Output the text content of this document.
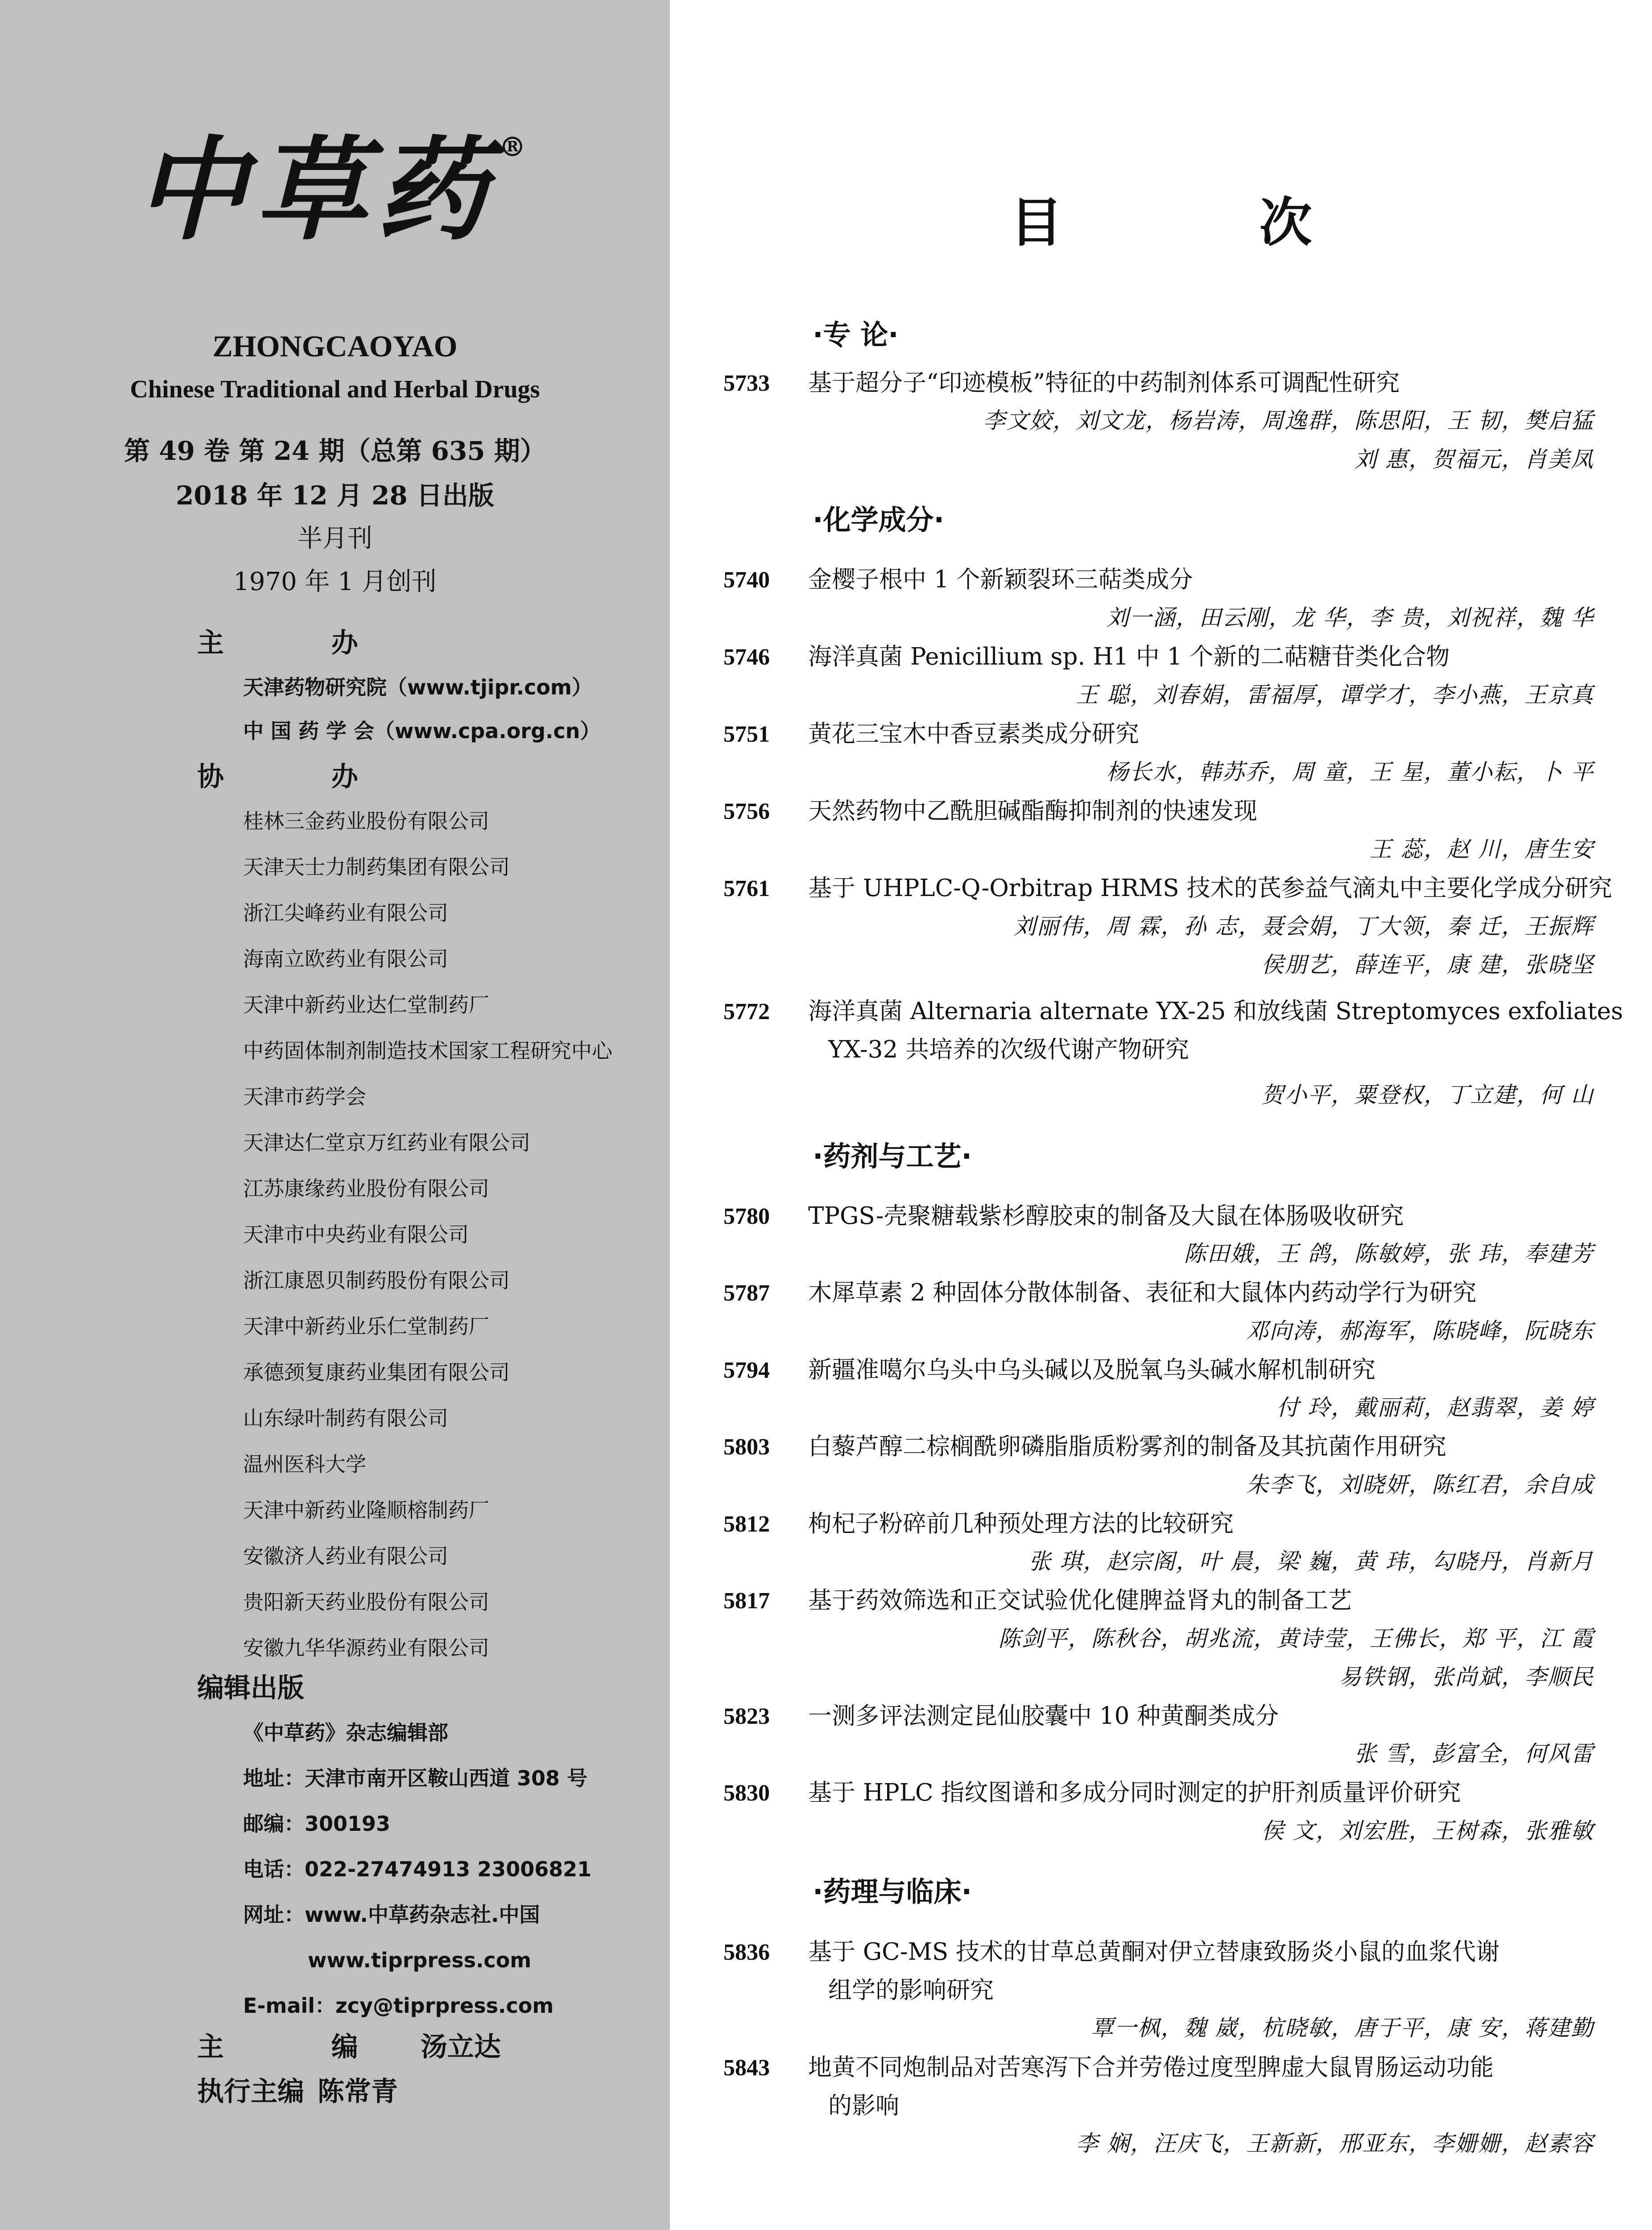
中草药 ®
ZHONGCAOYAO
Chinese Traditional and Herbal Drugs
第 49 卷 第 24 期（总第 635 期）
2018 年 12 月 28 日出版
半月刊
1970 年 1 月创刊
主 办
天津药物研究院（www.tjipr.com）
中 国 药 学 会（www.cpa.org.cn）
协 办
桂林三金药业股份有限公司
天津天士力制药集团有限公司
浙江尖峰药业有限公司
海南立欧药业有限公司
天津中新药业达仁堂制药厂
中药固体制剂制造技术国家工程研究中心
天津市药学会
天津达仁堂京万红药业有限公司
江苏康缘药业股份有限公司
天津市中央药业有限公司
浙江康恩贝制药股份有限公司
天津中新药业乐仁堂制药厂
承德颈复康药业集团有限公司
山东绿叶制药有限公司
温州医科大学
天津中新药业隆顺榕制药厂
安徽济人药业有限公司
贵阳新天药业股份有限公司
安徽九华华源药业有限公司
编辑出版
《中草药》杂志编辑部
地址：天津市南开区鞍山西道 308 号
邮编：300193
电话：022-27474913 23006821
网址：www.中草药杂志社.中国
www.tiprpress.com
E-mail：zcy@tiprpress.com
主 编 汤立达
执行主编 陈常青
目 次
·专 论·
5733 基于超分子“印迹模板”特征的中药制剂体系可调配性研究
李文姣，刘文龙，杨岩涛，周逸群，陈思阳，王 韧，樊启猛
刘 惠，贺福元，肖美凤
·化学成分·
5740 金樱子根中 1 个新颖裂环三萜类成分
刘一涵，田云刚，龙 华，李 贵，刘祝祥，魏 华
5746 海洋真菌 Penicillium sp. H1 中 1 个新的二萜糖苷类化合物
王 聪，刘春娟，雷福厚，谭学才，李小燕，王京真
5751 黄花三宝木中香豆素类成分研究
杨长水，韩苏乔，周 童，王 星，董小耘，卜 平
5756 天然药物中乙酰胆碱酯酶抑制剂的快速发现
王 蕊，赵 川，唐生安
5761 基于 UHPLC-Q-Orbitrap HRMS 技术的芪参益气滴丸中主要化学成分研究
刘丽伟，周 霖，孙 志，聂会娟，丁大领，秦 迁，王振辉
侯朋艺，薛连平，康 建，张晓坚
5772 海洋真菌 Alternaria alternate YX-25 和放线菌 Streptomyces exfoliates
YX-32 共培养的次级代谢产物研究
贺小平，粟登权，丁立建，何 山
·药剂与工艺·
5780 TPGS-壳聚糖载紫杉醇胶束的制备及大鼠在体肠吸收研究
陈田娥，王 鸽，陈敏婷，张 玮，奉建芳
5787 木犀草素 2 种固体分散体制备、表征和大鼠体内药动学行为研究
邓向涛，郝海军，陈晓峰，阮晓东
5794 新疆准噶尔乌头中乌头碱以及脱氧乌头碱水解机制研究
付 玲，戴丽莉，赵翡翠，姜 婷
5803 白藜芦醇二棕榈酰卵磷脂脂质粉雾剂的制备及其抗菌作用研究
朱李飞，刘晓妍，陈红君，余自成
5812 枸杞子粉碎前几种预处理方法的比较研究
张 琪，赵宗阁，叶 晨，梁 巍，黄 玮，勾晓丹，肖新月
5817 基于药效筛选和正交试验优化健脾益肾丸的制备工艺
陈剑平，陈秋谷，胡兆流，黄诗莹，王佛长，郑 平，江 霞
易铁钢，张尚斌，李顺民
5823 一测多评法测定昆仙胶囊中 10 种黄酮类成分
张 雪，彭富全，何风雷
5830 基于 HPLC 指纹图谱和多成分同时测定的护肝剂质量评价研究
侯 文，刘宏胜，王树森，张雅敏
·药理与临床·
5836 基于 GC-MS 技术的甘草总黄酮对伊立替康致肠炎小鼠的血浆代谢
组学的影响研究
覃一枫，魏 崴，杭晓敏，唐于平，康 安，蒋建勤
5843 地黄不同炮制品对苦寒泻下合并劳倦过度型脾虚大鼠胃肠运动功能
的影响
李 娴，汪庆飞，王新新，邢亚东，李姗姗，赵素容
